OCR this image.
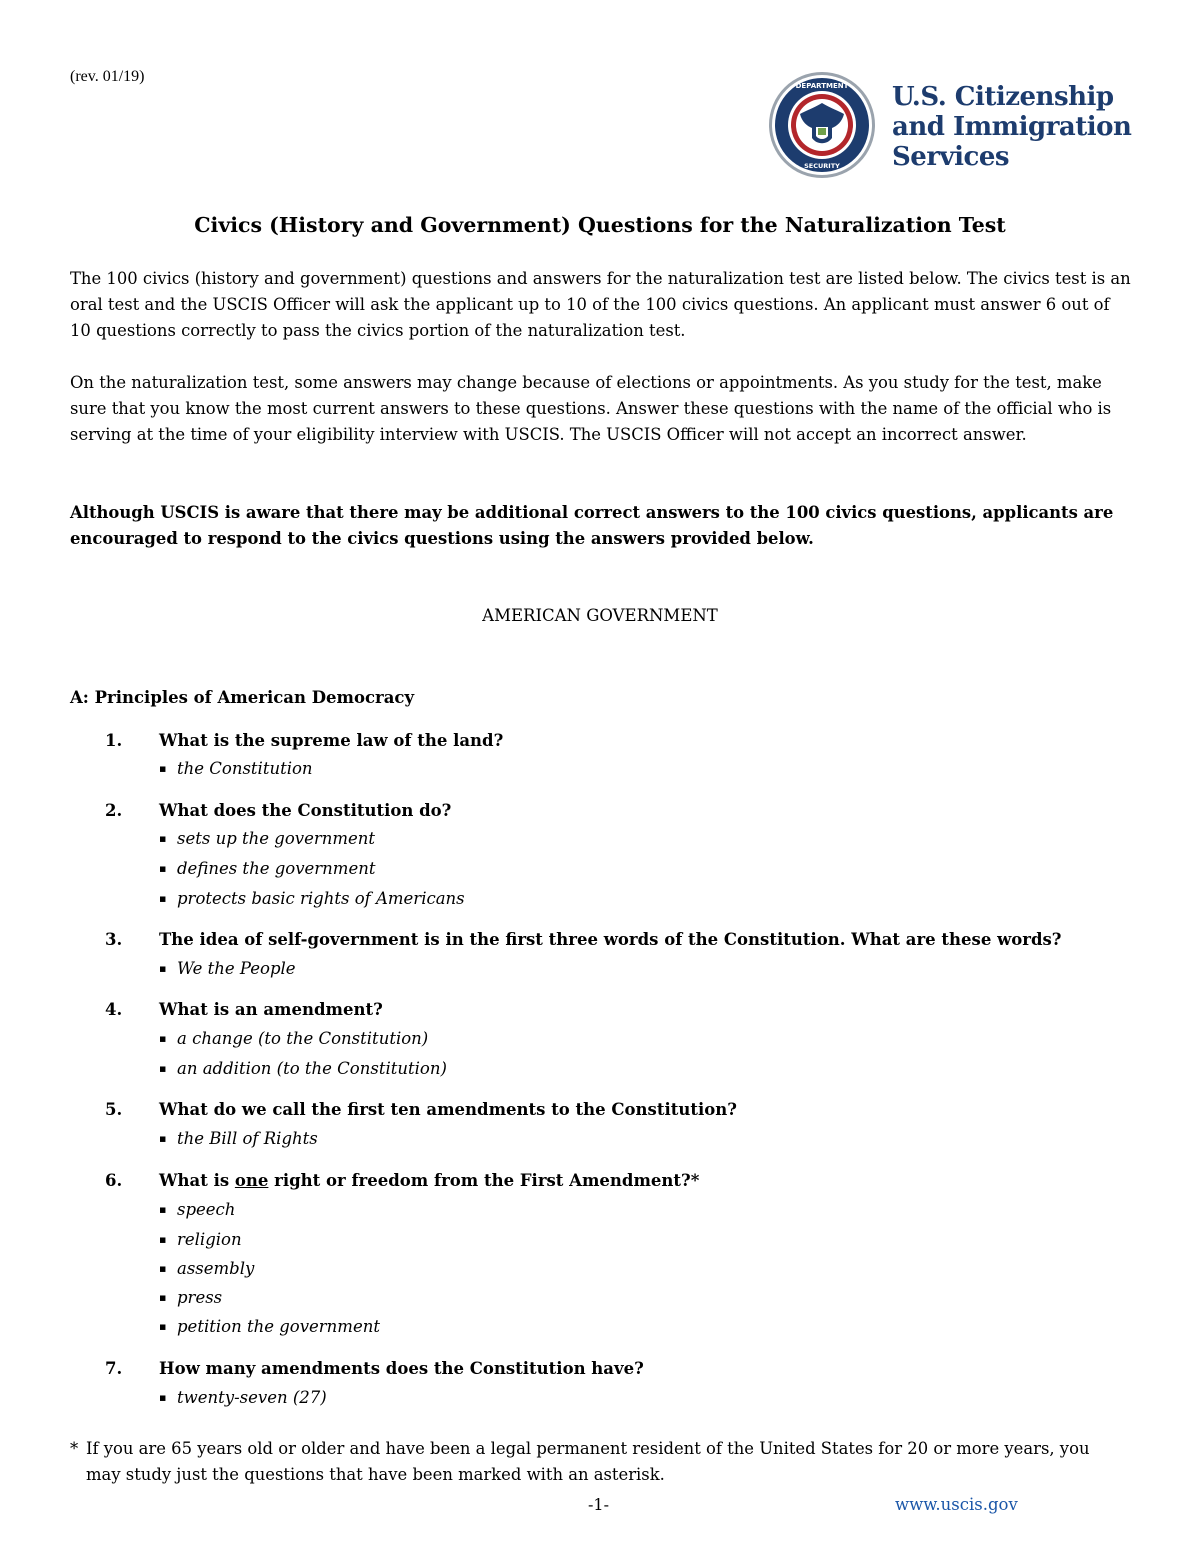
(rev. 01/19)
DEPARTMENT
SECURITY
U.S. Citizenship
and Immigration
Services
Civics (History and Government) Questions for the Naturalization Test

The 100 civics (history and government) questions and answers for the naturalization test are listed below. The civics test is an oral test and the USCIS Officer will ask the applicant up to 10 of the 100 civics questions. An applicant must answer 6 out of 10 questions correctly to pass the civics portion of the naturalization test.

On the naturalization test, some answers may change because of elections or appointments. As you study for the test, make sure that you know the most current answers to these questions. Answer these questions with the name of the official who is serving at the time of your eligibility interview with USCIS. The USCIS Officer will not accept an incorrect answer.

Although USCIS is aware that there may be additional correct answers to the 100 civics questions, applicants are encouraged to respond to the civics questions using the answers provided below.

AMERICAN GOVERNMENT
A: Principles of American Democracy
1. What is the supreme law of the land?
▪ the Constitution
2. What does the Constitution do?
▪ sets up the government
▪ defines the government
▪ protects basic rights of Americans
3. The idea of self-government is in the first three words of the Constitution. What are these words?
▪ We the People
4. What is an amendment?
▪ a change (to the Constitution)
▪ an addition (to the Constitution)
5. What do we call the first ten amendments to the Constitution?
▪ the Bill of Rights
6. What is one right or freedom from the First Amendment?*
▪ speech
▪ religion
▪ assembly
▪ press
▪ petition the government
7. How many amendments does the Constitution have?
▪ twenty-seven (27)
* If you are 65 years old or older and have been a legal permanent resident of the United States for 20 or more years, you
may study just the questions that have been marked with an asterisk.
-1-	www.uscis.gov
